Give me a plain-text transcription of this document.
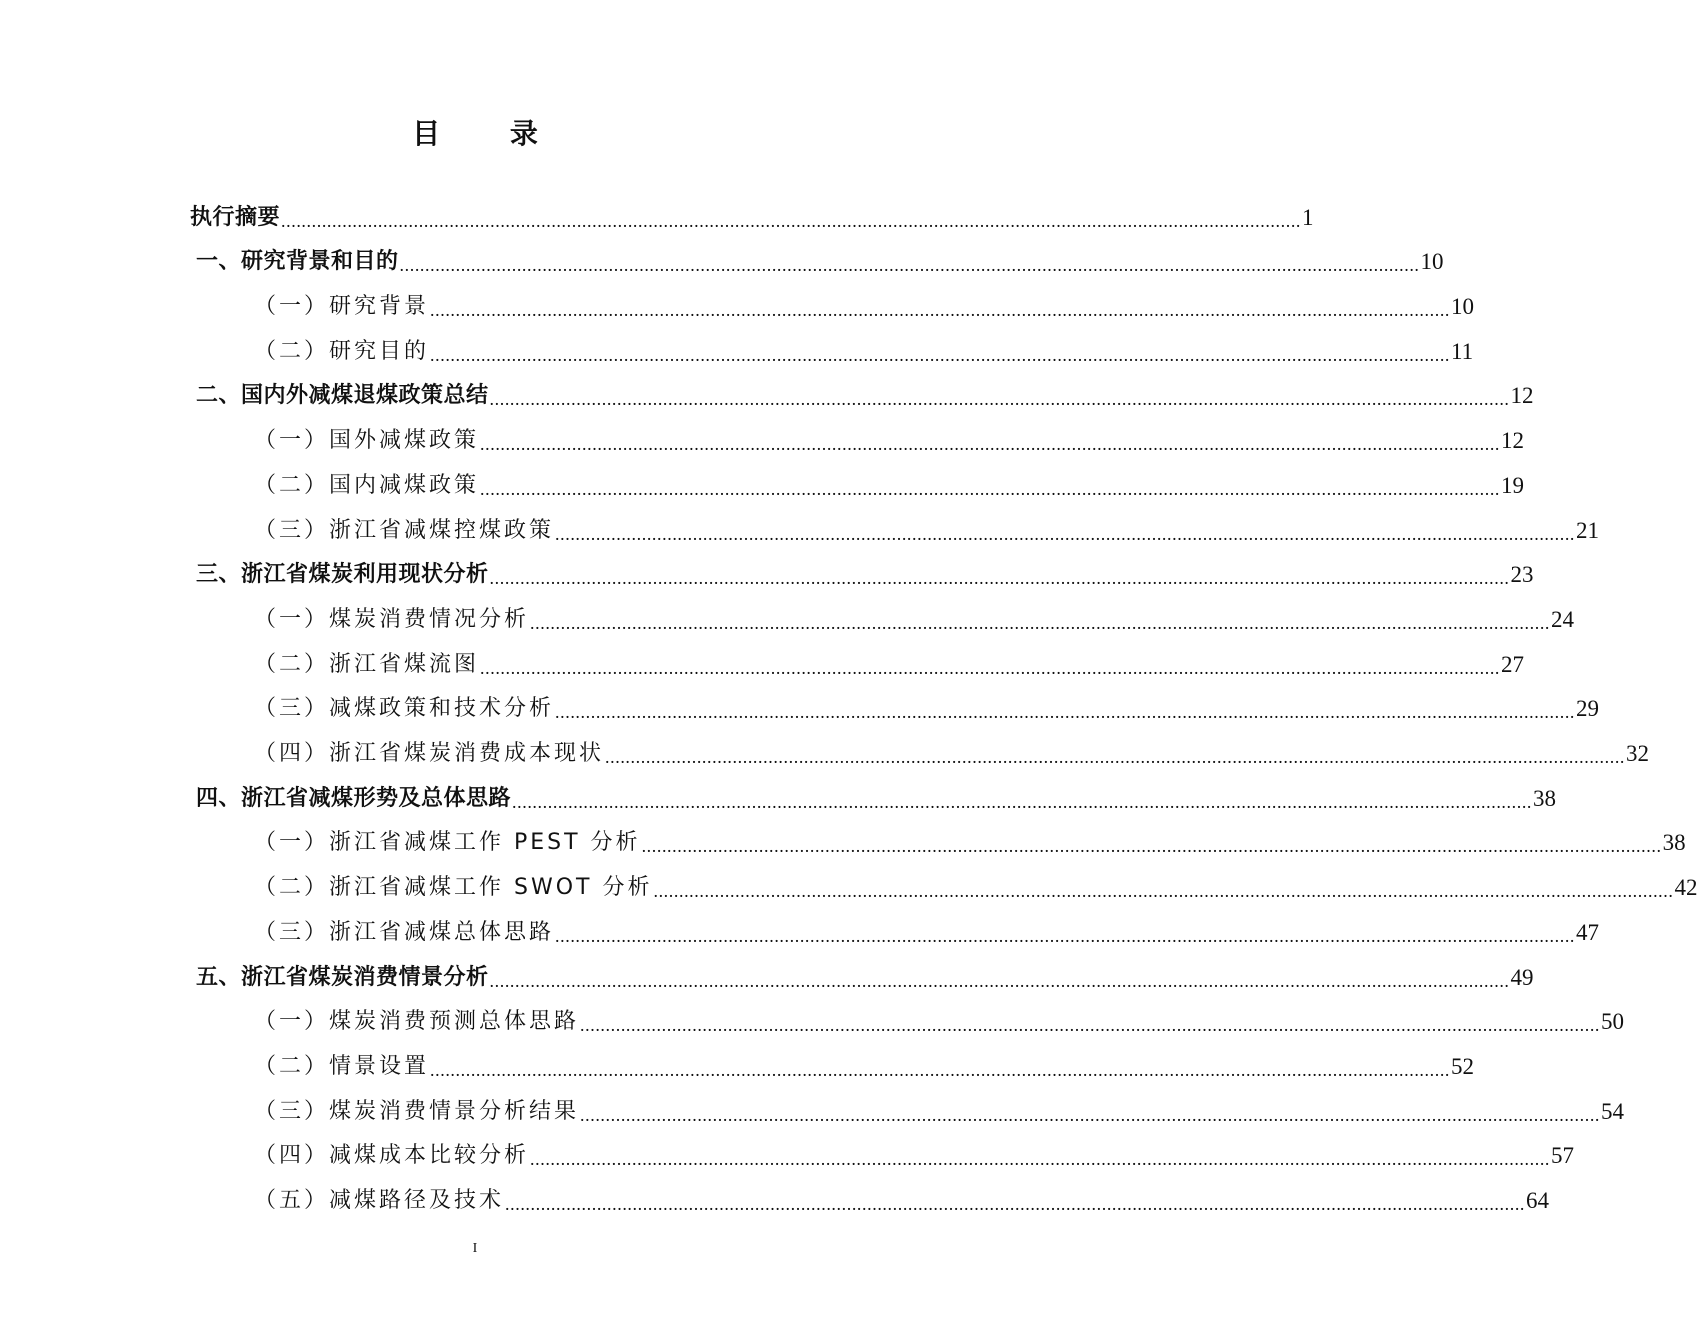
目 录
执行摘要 ........................................................................................................................................................................................................ 1
一、研究背景和目的 ........................................................................................................................................................................................................ 10
（一）研究背景 ........................................................................................................................................................................................................ 10
（二）研究目的 ........................................................................................................................................................................................................ 11
二、国内外减煤退煤政策总结 ........................................................................................................................................................................................................ 12
（一）国外减煤政策 ........................................................................................................................................................................................................ 12
（二）国内减煤政策 ........................................................................................................................................................................................................ 19
（三）浙江省减煤控煤政策 ........................................................................................................................................................................................................ 21
三、浙江省煤炭利用现状分析 ........................................................................................................................................................................................................ 23
（一）煤炭消费情况分析 ........................................................................................................................................................................................................ 24
（二）浙江省煤流图 ........................................................................................................................................................................................................ 27
（三）减煤政策和技术分析 ........................................................................................................................................................................................................ 29
（四）浙江省煤炭消费成本现状 ........................................................................................................................................................................................................ 32
四、浙江省减煤形势及总体思路 ........................................................................................................................................................................................................ 38
（一）浙江省减煤工作 PEST 分析 ........................................................................................................................................................................................................ 38
（二）浙江省减煤工作 SWOT 分析 ........................................................................................................................................................................................................ 42
（三）浙江省减煤总体思路 ........................................................................................................................................................................................................ 47
五、浙江省煤炭消费情景分析 ........................................................................................................................................................................................................ 49
（一）煤炭消费预测总体思路 ........................................................................................................................................................................................................ 50
（二）情景设置 ........................................................................................................................................................................................................ 52
（三）煤炭消费情景分析结果 ........................................................................................................................................................................................................ 54
（四）减煤成本比较分析 ........................................................................................................................................................................................................ 57
（五）减煤路径及技术 ........................................................................................................................................................................................................ 64
I
